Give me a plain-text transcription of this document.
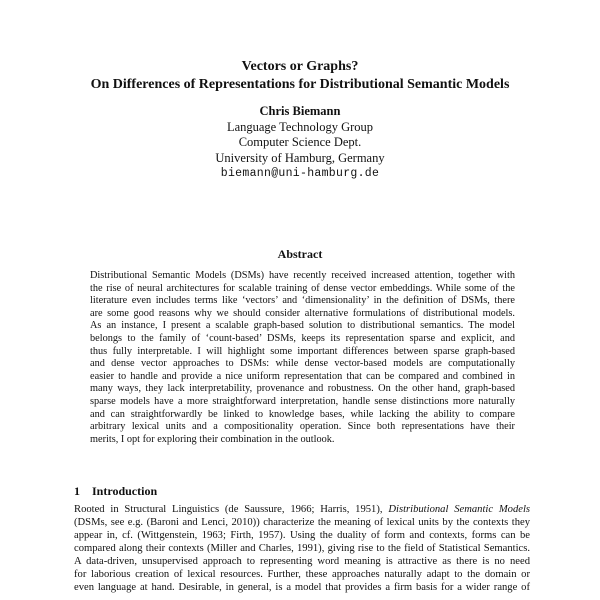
Vectors or Graphs?
On Differences of Representations for Distributional Semantic Models
Chris Biemann
Language Technology Group
Computer Science Dept.
University of Hamburg, Germany
biemann@uni-hamburg.de
Abstract
Distributional Semantic Models (DSMs) have recently received increased attention, together with
the rise of neural architectures for scalable training of dense vector embeddings. While some of the
literature even includes terms like ‘vectors’ and ‘dimensionality’ in the definition of DSMs, there
are some good reasons why we should consider alternative formulations of distributional models.
As an instance, I present a scalable graph-based solution to distributional semantics. The model
belongs to the family of ‘count-based’ DSMs, keeps its representation sparse and explicit, and
thus fully interpretable. I will highlight some important differences between sparse graph-based
and dense vector approaches to DSMs: while dense vector-based models are computationally
easier to handle and provide a nice uniform representation that can be compared and combined in
many ways, they lack interpretability, provenance and robustness. On the other hand, graph-based
sparse models have a more straightforward interpretation, handle sense distinctions more naturally
and can straightforwardly be linked to knowledge bases, while lacking the ability to compare
arbitrary lexical units and a compositionality operation. Since both representations have their
merits, I opt for exploring their combination in the outlook.
1 Introduction
Rooted in Structural Linguistics (de Saussure, 1966; Harris, 1951), Distributional Semantic Models
(DSMs, see e.g. (Baroni and Lenci, 2010)) characterize the meaning of lexical units by the contexts they
appear in, cf. (Wittgenstein, 1963; Firth, 1957). Using the duality of form and contexts, forms can be
compared along their contexts (Miller and Charles, 1991), giving rise to the field of Statistical Semantics.
A data-driven, unsupervised approach to representing word meaning is attractive as there is no need
for laborious creation of lexical resources. Further, these approaches naturally adapt to the domain or
even language at hand. Desirable, in general, is a model that provides a firm basis for a wider range of
